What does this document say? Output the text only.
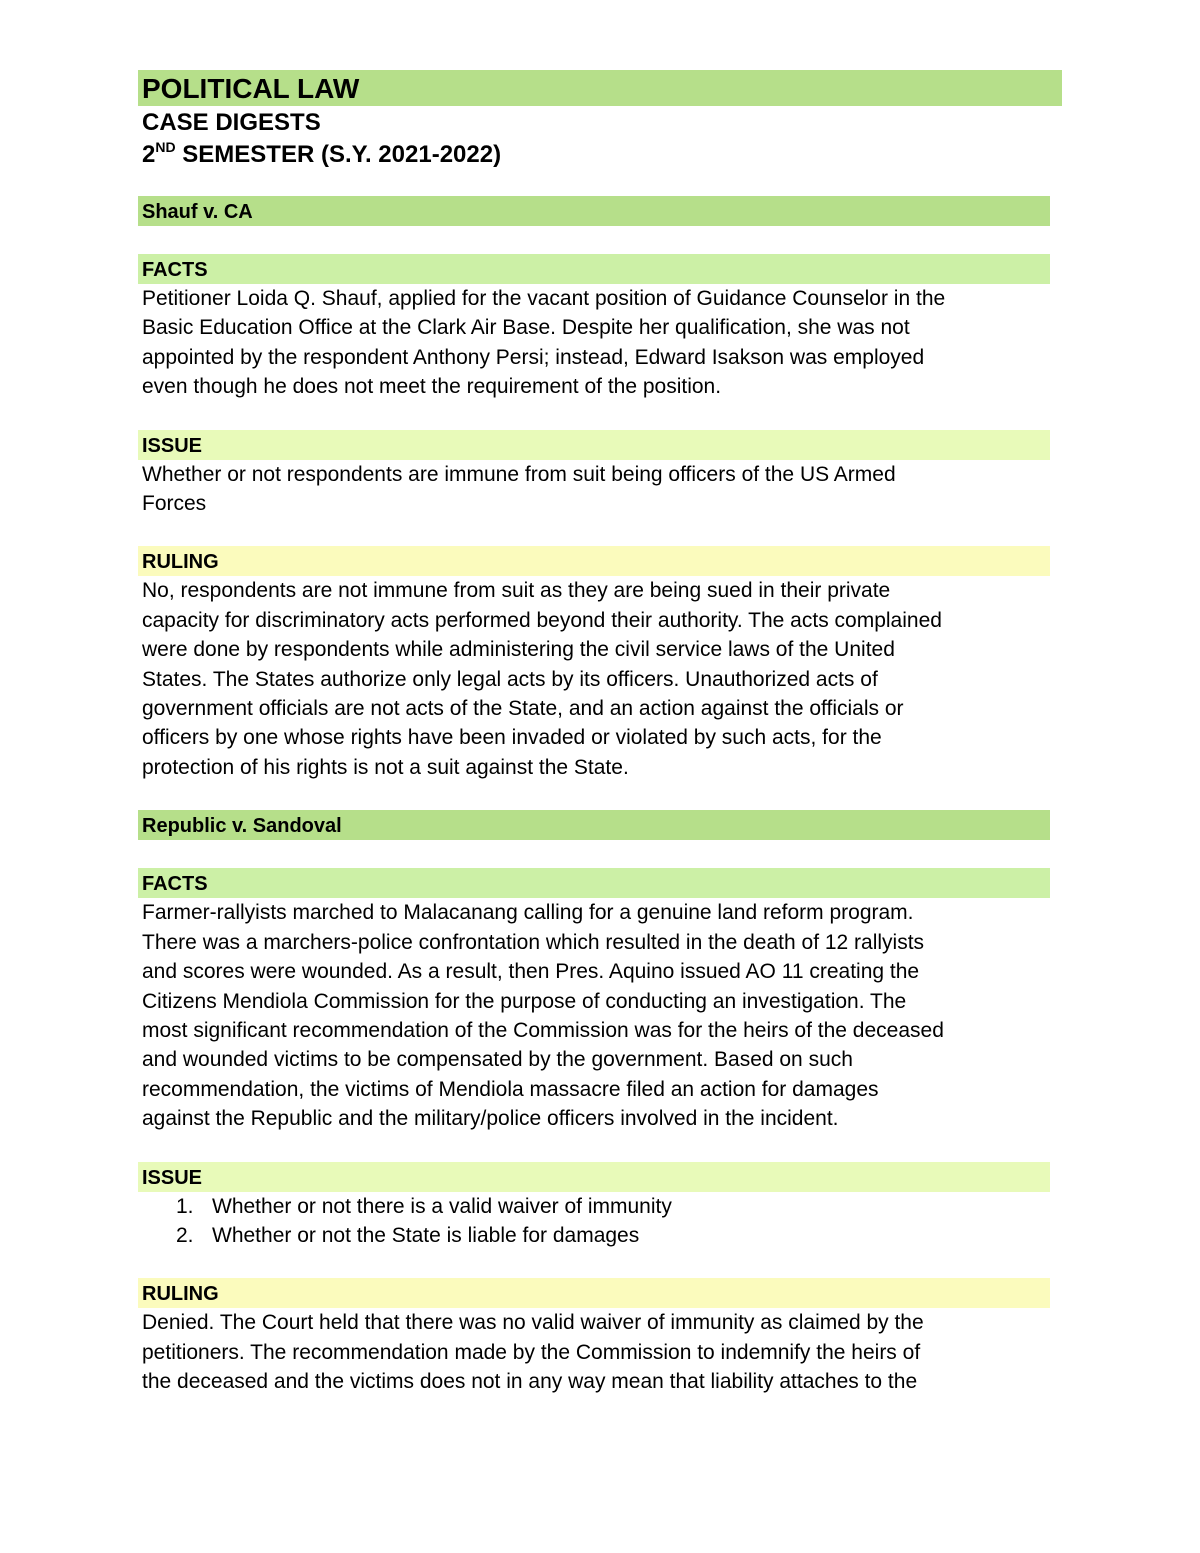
POLITICAL LAW
CASE DIGESTS
2ND SEMESTER (S.Y. 2021-2022)
Shauf v. CA
FACTS
Petitioner Loida Q. Shauf, applied for the vacant position of Guidance Counselor in the
Basic Education Office at the Clark Air Base. Despite her qualification, she was not
appointed by the respondent Anthony Persi; instead, Edward Isakson was employed
even though he does not meet the requirement of the position.
ISSUE
Whether or not respondents are immune from suit being officers of the US Armed
Forces
RULING
No, respondents are not immune from suit as they are being sued in their private
capacity for discriminatory acts performed beyond their authority. The acts complained
were done by respondents while administering the civil service laws of the United
States. The States authorize only legal acts by its officers. Unauthorized acts of
government officials are not acts of the State, and an action against the officials or
officers by one whose rights have been invaded or violated by such acts, for the
protection of his rights is not a suit against the State.
Republic v. Sandoval
FACTS
Farmer-rallyists marched to Malacanang calling for a genuine land reform program.
There was a marchers-police confrontation which resulted in the death of 12 rallyists
and scores were wounded. As a result, then Pres. Aquino issued AO 11 creating the
Citizens Mendiola Commission for the purpose of conducting an investigation. The
most significant recommendation of the Commission was for the heirs of the deceased
and wounded victims to be compensated by the government. Based on such
recommendation, the victims of Mendiola massacre filed an action for damages
against the Republic and the military/police officers involved in the incident.
ISSUE
1. Whether or not there is a valid waiver of immunity
2. Whether or not the State is liable for damages
RULING
Denied. The Court held that there was no valid waiver of immunity as claimed by the
petitioners. The recommendation made by the Commission to indemnify the heirs of
the deceased and the victims does not in any way mean that liability attaches to the
